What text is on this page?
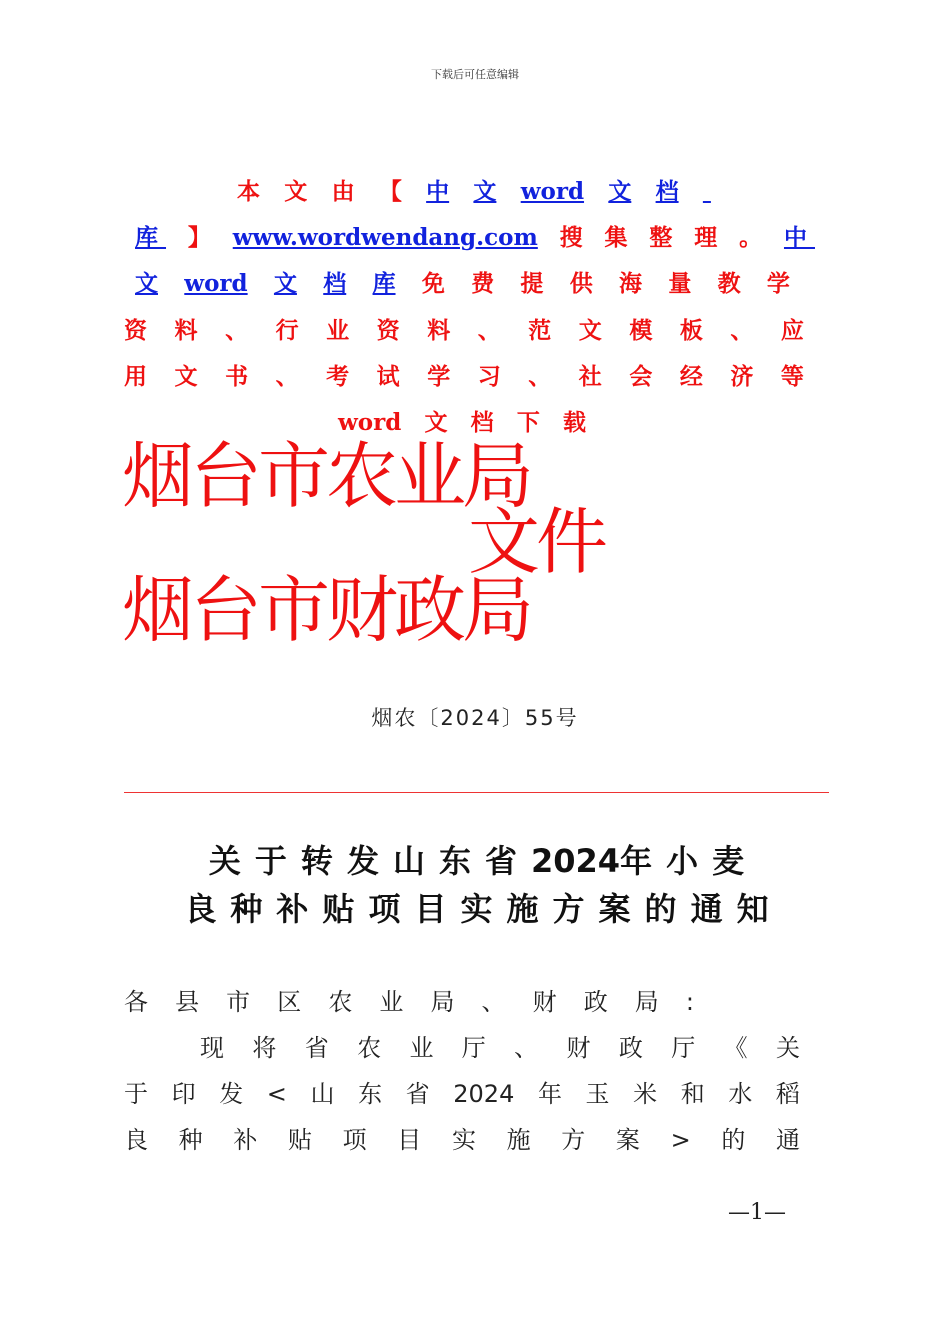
下载后可任意编辑
本 文 由 【 中 文 word 文 档

库 】 www.wordwendang.com 搜 集 整 理 。 中
文 word 文 档 库 免 费 提 供 海 量 教 学
资 料 、 行 业 资 料 、 范 文 模 板 、 应
用 文 书 、 考 试 学 习 、 社 会 经 济 等
word 文 档 下 载
烟台市农业局
文件
烟台市财政局
烟农〔2024〕55号
关 于 转 发 山 东 省 2024年 小 麦
良 种 补 贴 项 目 实 施 方 案 的 通 知
各 县 市 区 农 业 局 、 财 政 局 :
现 将 省 农 业 厅 、 财 政 厅 《 关
于 印 发 < 山 东 省 2024 年 玉 米 和 水 稻
良 种 补 贴 项 目 实 施 方 案 > 的 通
—1—
